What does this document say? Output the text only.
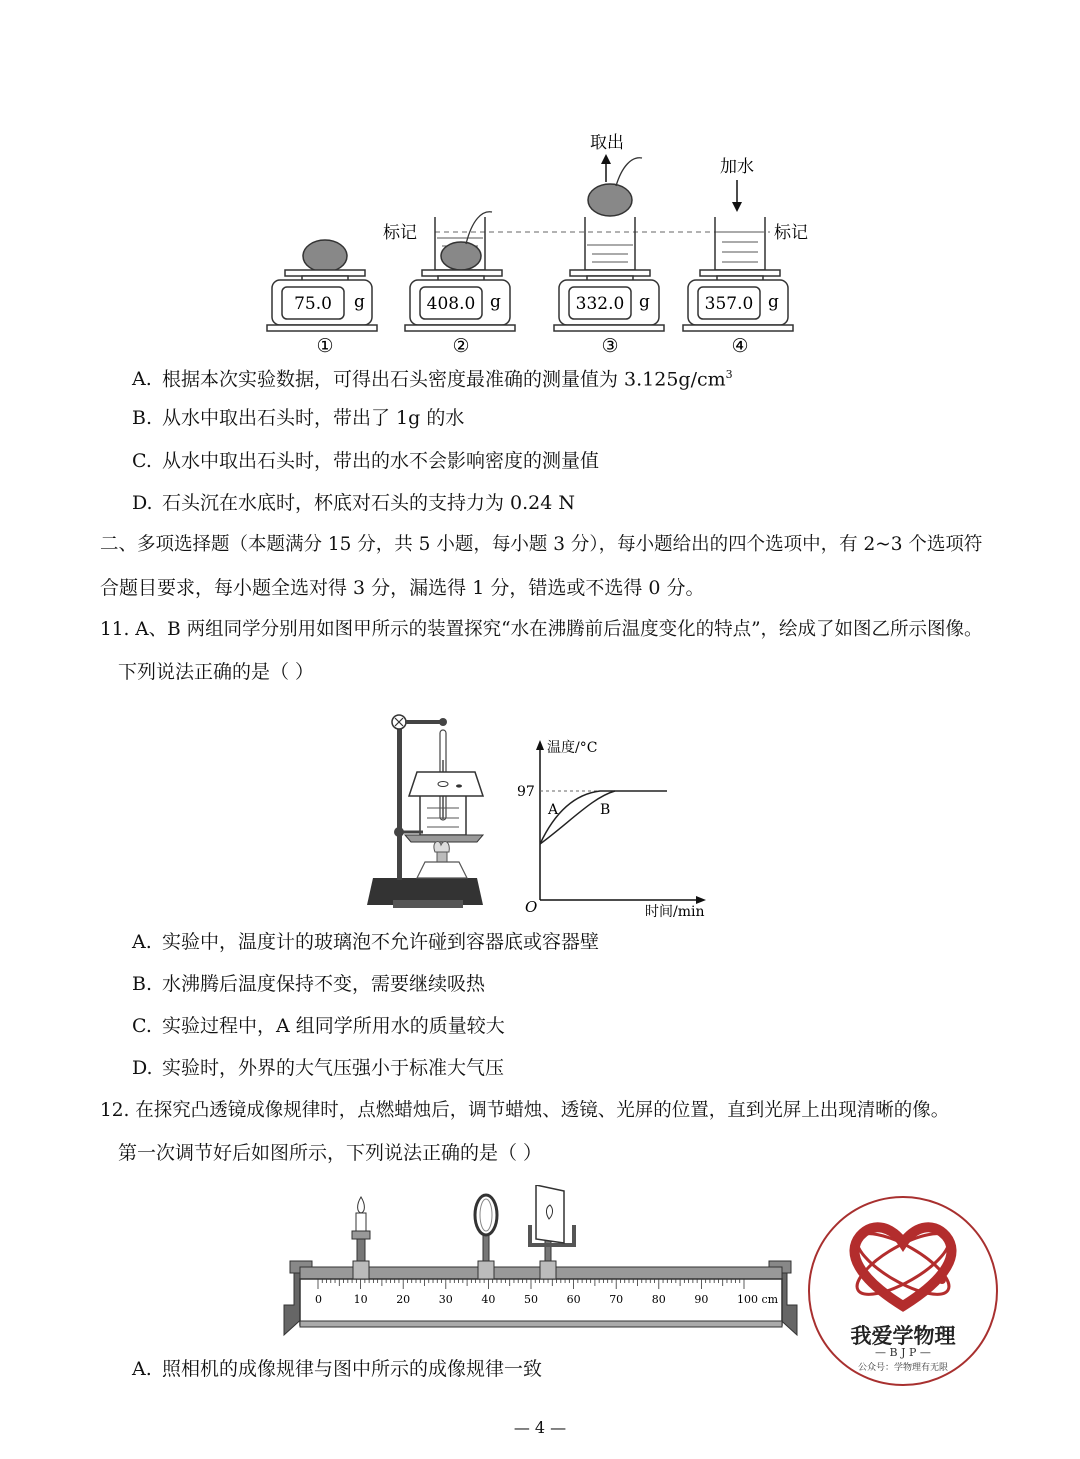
标记	标记
取出
加水
75.0 g
①
408.0 g
②
332.0 g
③
357.0 g
④
A. 根据本次实验数据，可得出石头密度最准确的测量值为 $3.125g/cm^3$
B. 从水中取出石头时，带出了 1g 的水
C. 从水中取出石头时，带出的水不会影响密度的测量值
D. 石头沉在水底时，杯底对石头的支持力为 0.24 N
二、多项选择题（本题满分 15 分，共 5 小题，每小题 3 分），每小题给出的四个选项中，有 2~3 个选项符
合题目要求，每小题全选对得 3 分，漏选得 1 分，错选或不选得 0 分。
11. A、B 两组同学分别用如图甲所示的装置探究“水在沸腾前后温度变化的特点”，绘成了如图乙所示图像。
下列说法正确的是（ ）
温度/°C
时间/min
O
97
A	B
A. 实验中，温度计的玻璃泡不允许碰到容器底或容器壁
B. 水沸腾后温度保持不变，需要继续吸热
C. 实验过程中，A 组同学所用水的质量较大
D. 实验时，外界的大气压强小于标准大气压
12. 在探究凸透镜成像规律时，点燃蜡烛后，调节蜡烛、透镜、光屏的位置，直到光屏上出现清晰的像。
第一次调节好后如图所示，下列说法正确的是（ ）
0	10	20	30	40	50	60	70	80	90	100 cm
A. 照相机的成像规律与图中所示的成像规律一致
physics
我爱学物理
— B J P —
公众号：学物理有无限
— 4 —
